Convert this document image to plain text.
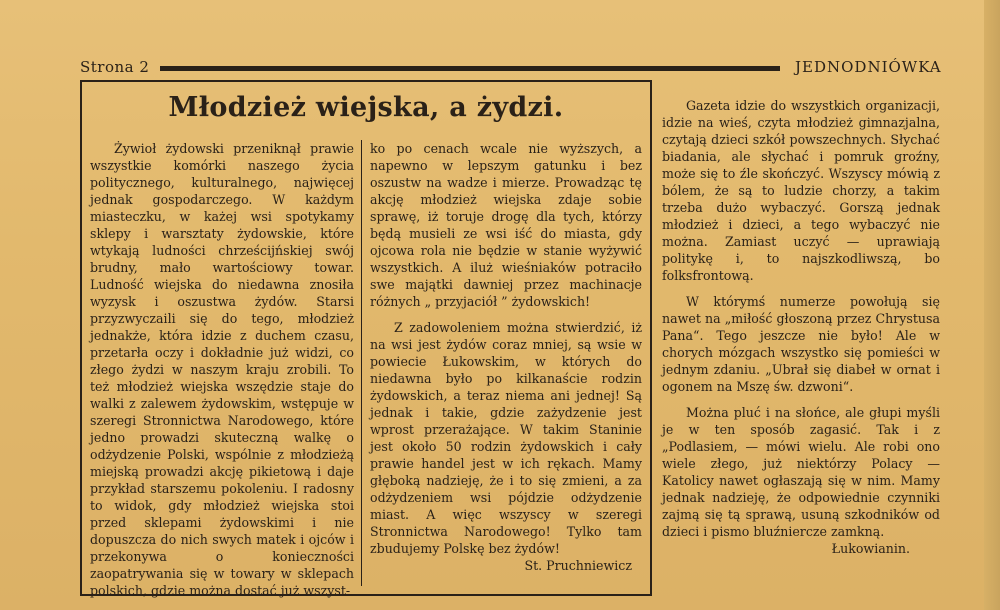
Strona 2	JEDNODNIÓWKA
Młodzież wiejska, a żydzi.

Żywioł żydowski przeniknął prawie wszystkie komórki naszego życia politycznego, kulturalnego, najwięcej jednak gospodarczego. W każdym miasteczku, w każej wsi spotykamy sklepy i warsztaty żydowskie, które wtykają ludności chrześcijńskiej swój brudny, mało wartościowy towar. Ludność wiejska do niedawna znosiła wyzysk i oszustwa żydów. Starsi przyzwyczaili się do tego, młodzież jednakże, która idzie z duchem czasu, przetarła oczy i dokładnie już widzi, co złego żydzi w naszym kraju zrobili. To też młodzież wiejska wszędzie staje do walki z zalewem żydowskim, wstępuje w szeregi Stronnictwa Narodowego, które jedno prowadzi skuteczną walkę o odżydzenie Polski, wspólnie z młodzieżą miejską prowadzi akcję pikietową i daje przykład starszemu pokoleniu. I radosny to widok, gdy młodzież wiejska stoi przed sklepami żydowskimi i nie dopuszcza do nich swych matek i ojców i przekonywa o konieczności zaopatrywania się w towary w sklepach polskich, gdzie można dostać już wszyst-

ko po cenach wcale nie wyższych, a napewno w lepszym gatunku i bez oszustw na wadze i mierze. Prowadząc tę akcję młodzież wiejska zdaje sobie sprawę, iż toruje drogę dla tych, którzy będą musieli ze wsi iść do miasta, gdy ojcowa rola nie będzie w stanie wyżywić wszystkich. A iluż wieśniaków potraciło swe majątki dawniej przez machinacje różnych „ przyjaciół ” żydowskich!

Z zadowoleniem można stwierdzić, iż na wsi jest żydów coraz mniej, są wsie w powiecie Łukowskim, w których do niedawna było po kilkanaście rodzin żydowskich, a teraz niema ani jednej! Są jednak i takie, gdzie zażydzenie jest wprost przerażające. W takim Staninie jest około 50 rodzin żydowskich i cały prawie handel jest w ich rękach. Mamy głęboką nadzieję, że i to się zmieni, a za odżydzeniem wsi pójdzie odżydzenie miast. A więc wszyscy w szeregi Stronnictwa Narodowego! Tylko tam zbudujemy Polskę bez żydów!

St. Pruchniewicz

Gazeta idzie do wszystkich organizacji, idzie na wieś, czyta młodzież gimnazjalna, czytają dzieci szkół powszechnych. Słychać biadania, ale słychać i pomruk groźny, może się to źle skończyć. Wszyscy mówią z bólem, że są to ludzie chorzy, a takim trzeba dużo wybaczyć. Gorszą jednak młodzież i dzieci, a tego wybaczyć nie można. Zamiast uczyć — uprawiają politykę i, to najszkodliwszą, bo folksfrontową.

W którymś numerze powołują się nawet na „miłość głoszoną przez Chrystusa Pana“. Tego jeszcze nie było! Ale w chorych mózgach wszystko się pomieści w jednym zdaniu. „Ubrał się diabeł w ornat i ogonem na Mszę św. dzwoni“.

Można pluć i na słońce, ale głupi myśli je w ten sposób zagasić. Tak i z „Podlasiem, — mówi wielu. Ale robi ono wiele złego, już niektórzy Polacy — Katolicy nawet ogłaszają się w nim. Mamy jednak nadzieję, że odpowiednie czynniki zajmą się tą sprawą, usuną szkodników od dzieci i pismo bluźniercze zamkną.

Łukowianin.
